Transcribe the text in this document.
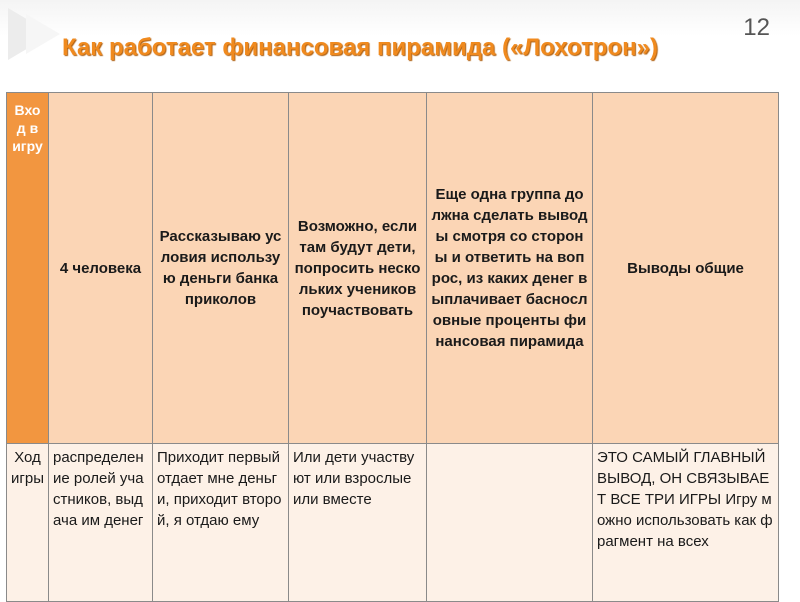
12
Как работает финансовая пирамида («Лохотрон»)
Вход в игру	4 человека	Рассказываю условия использую деньги банка приколов	Возможно, если там будут дети, попросить нескольких учеников поучаствовать	Еще одна группа должна сделать выводы смотря со стороны и ответить на вопрос, из каких денег выплачивает баснословные проценты финансовая пирамида	Выводы общие
Ход игры	распределение ролей участников, выдача им денег	Приходит первый отдает мне деньги, приходит второй, я отдаю ему	Или дети участвуют или взрослые или вместе		ЭТО САМЫЙ ГЛАВНЫЙ ВЫВОД, ОН СВЯЗЫВАЕТ ВСЕ ТРИ ИГРЫ Игру можно использовать как фрагмент на всех
